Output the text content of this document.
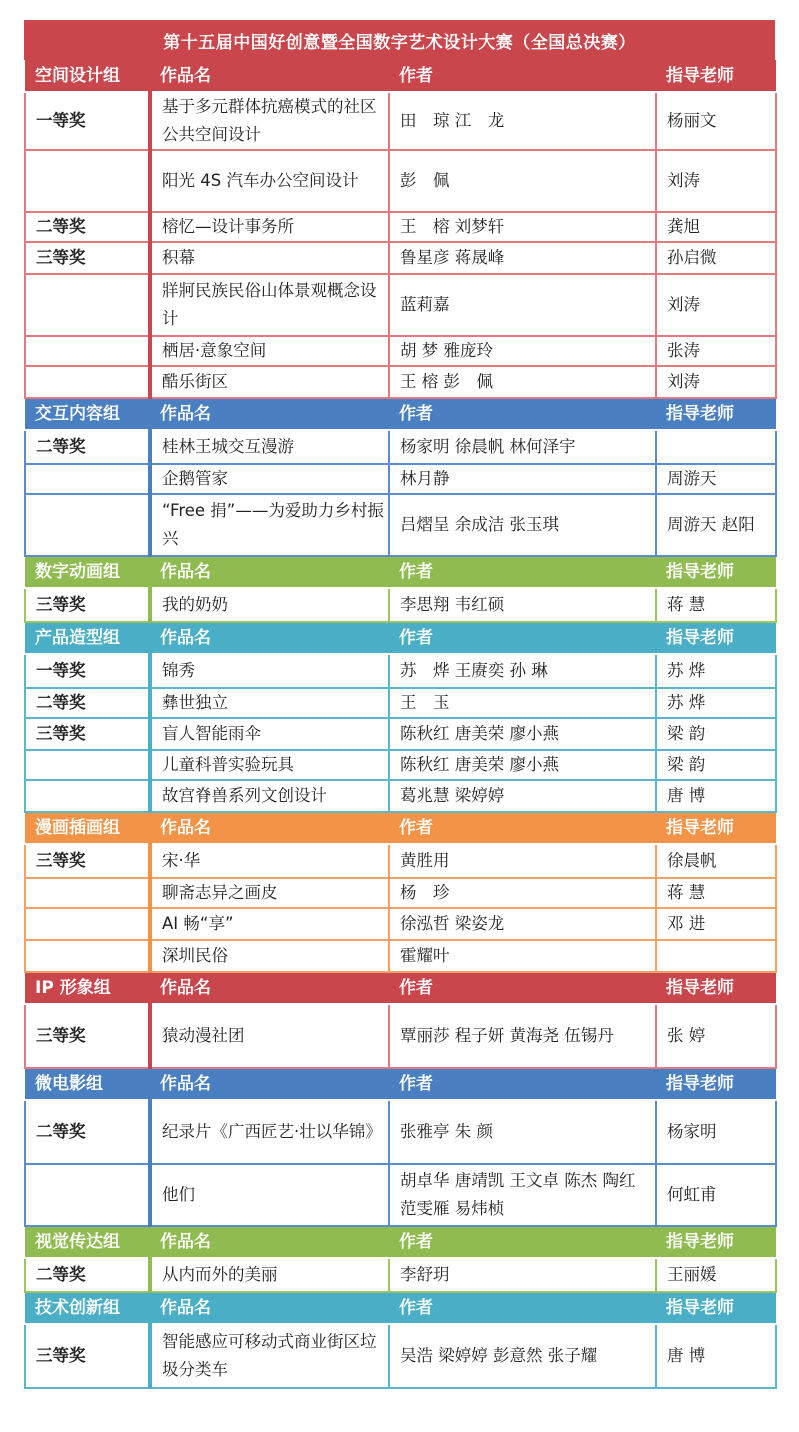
第十五届中国好创意暨全国数字艺术设计大赛（全国总决赛）
空间设计组	作品名	作者	指导老师
一等奖	基于多元群体抗癌模式的社区公共空间设计	田　琼 江　龙	杨丽文
	阳光 4S 汽车办公空间设计	彭　佩	刘涛
二等奖	榕忆—设计事务所	王　榕 刘梦轩	龚旭
三等奖	积幕	鲁星彦 蒋晟峰	孙启微
	牂牁民族民俗山体景观概念设计	蓝莉嘉	刘涛
	栖居·意象空间	胡 梦 雅庞玲	张涛
	酷乐街区	王 榕 彭　佩	刘涛
交互内容组	作品名	作者	指导老师
二等奖	桂林王城交互漫游	杨家明 徐晨帆 林何泽宇	
	企鹅管家	林月静	周游天
	“Free 捐”——为爱助力乡村振兴	吕熠呈 余成洁 张玉琪	周游天 赵阳
数字动画组	作品名	作者	指导老师
三等奖	我的奶奶	李思翔 韦红硕	蒋 慧
产品造型组	作品名	作者	指导老师
一等奖	锦秀	苏　烨 王赓奕 孙 琳	苏 烨
二等奖	彝世独立	王　玉	苏 烨
三等奖	盲人智能雨伞	陈秋红 唐美荣 廖小燕	梁 韵
	儿童科普实验玩具	陈秋红 唐美荣 廖小燕	梁 韵
	故宫脊兽系列文创设计	葛兆慧 梁婷婷	唐 博
漫画插画组	作品名	作者	指导老师
三等奖	宋·华	黄胜用	徐晨帆
	聊斋志异之画皮	杨　珍	蒋 慧
	AI 畅“享”	徐泓哲 梁姿龙	邓 进
	深圳民俗	霍耀叶	
IP 形象组	作品名	作者	指导老师
三等奖	猿动漫社团	覃丽莎 程子妍 黄海尧 伍锡丹	张 婷
微电影组	作品名	作者	指导老师
二等奖	纪录片《广西匠艺·壮以华锦》	张雅亭 朱 颜	杨家明
	他们	胡卓华 唐靖凯 王文卓 陈杰 陶红 范雯雁 易炜桢	何虹甫
视觉传达组	作品名	作者	指导老师
二等奖	从内而外的美丽	李舒玥	王丽媛
技术创新组	作品名	作者	指导老师
三等奖	智能感应可移动式商业街区垃圾分类车	吴浩 梁婷婷 彭意然 张子耀	唐 博
